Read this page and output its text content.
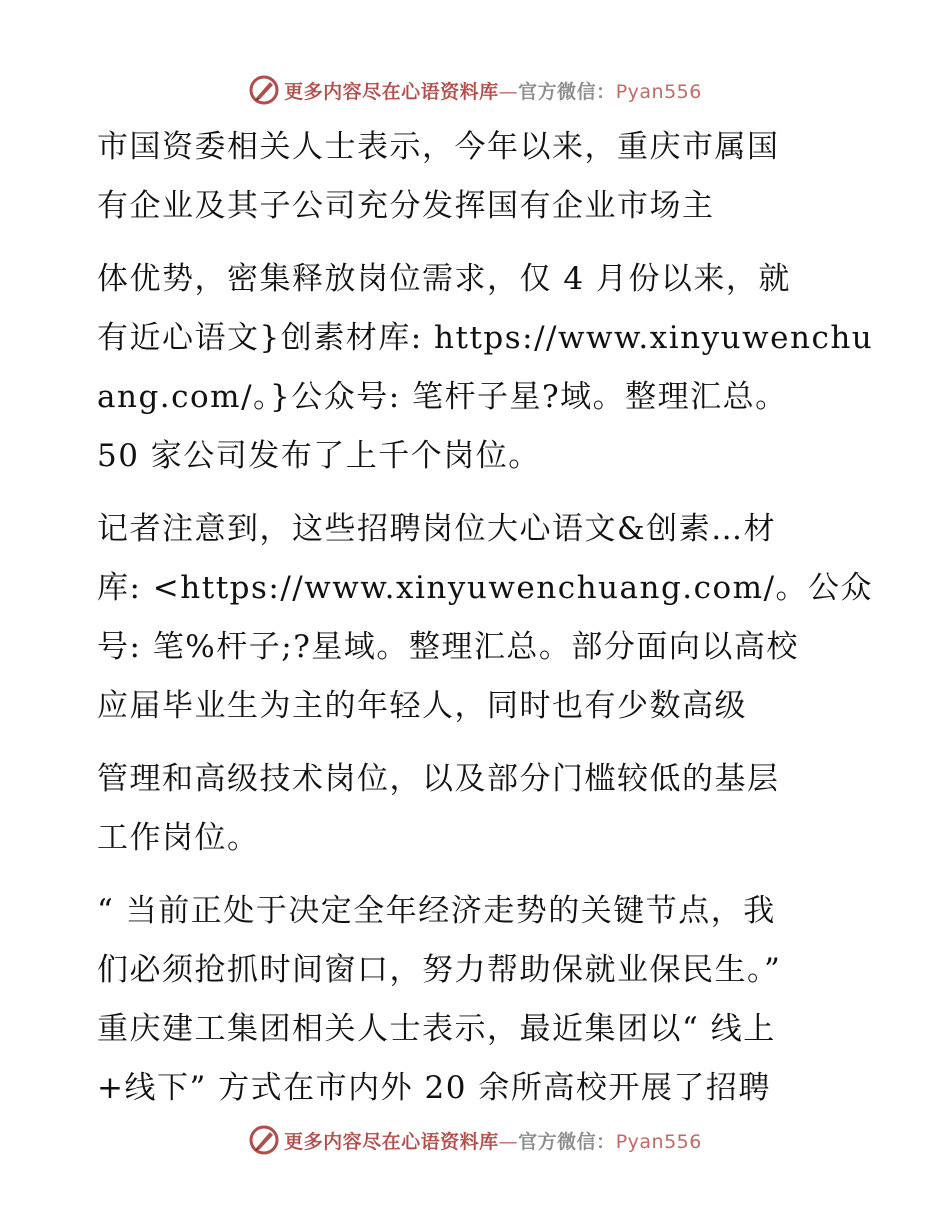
更多内容尽在心语资料库—官方微信：Pyan556

市国资委相关人士表示，今年以来，重庆市属国
有企业及其子公司充分发挥国有企业市场主

体优势，密集释放岗位需求，仅 4 月份以来，就
有近心语文}创素材库: https://www.xinyuwenchu
ang.com/。}公众号: 笔杆子星?域。整理汇总。
50 家公司发布了上千个岗位。

记者注意到，这些招聘岗位大心语文&创素…材
库: <https://www.xinyuwenchuang.com/。公众
号: 笔%杆子;?星域。整理汇总。部分面向以高校
应届毕业生为主的年轻人，同时也有少数高级

管理和高级技术岗位，以及部分门槛较低的基层
工作岗位。

“ 当前正处于决定全年经济走势的关键节点，我
们必须抢抓时间窗口，努力帮助保就业保民生。”
重庆建工集团相关人士表示，最近集团以“ 线上
+线下” 方式在市内外 20 余所高校开展了招聘

更多内容尽在心语资料库—官方微信：Pyan556
